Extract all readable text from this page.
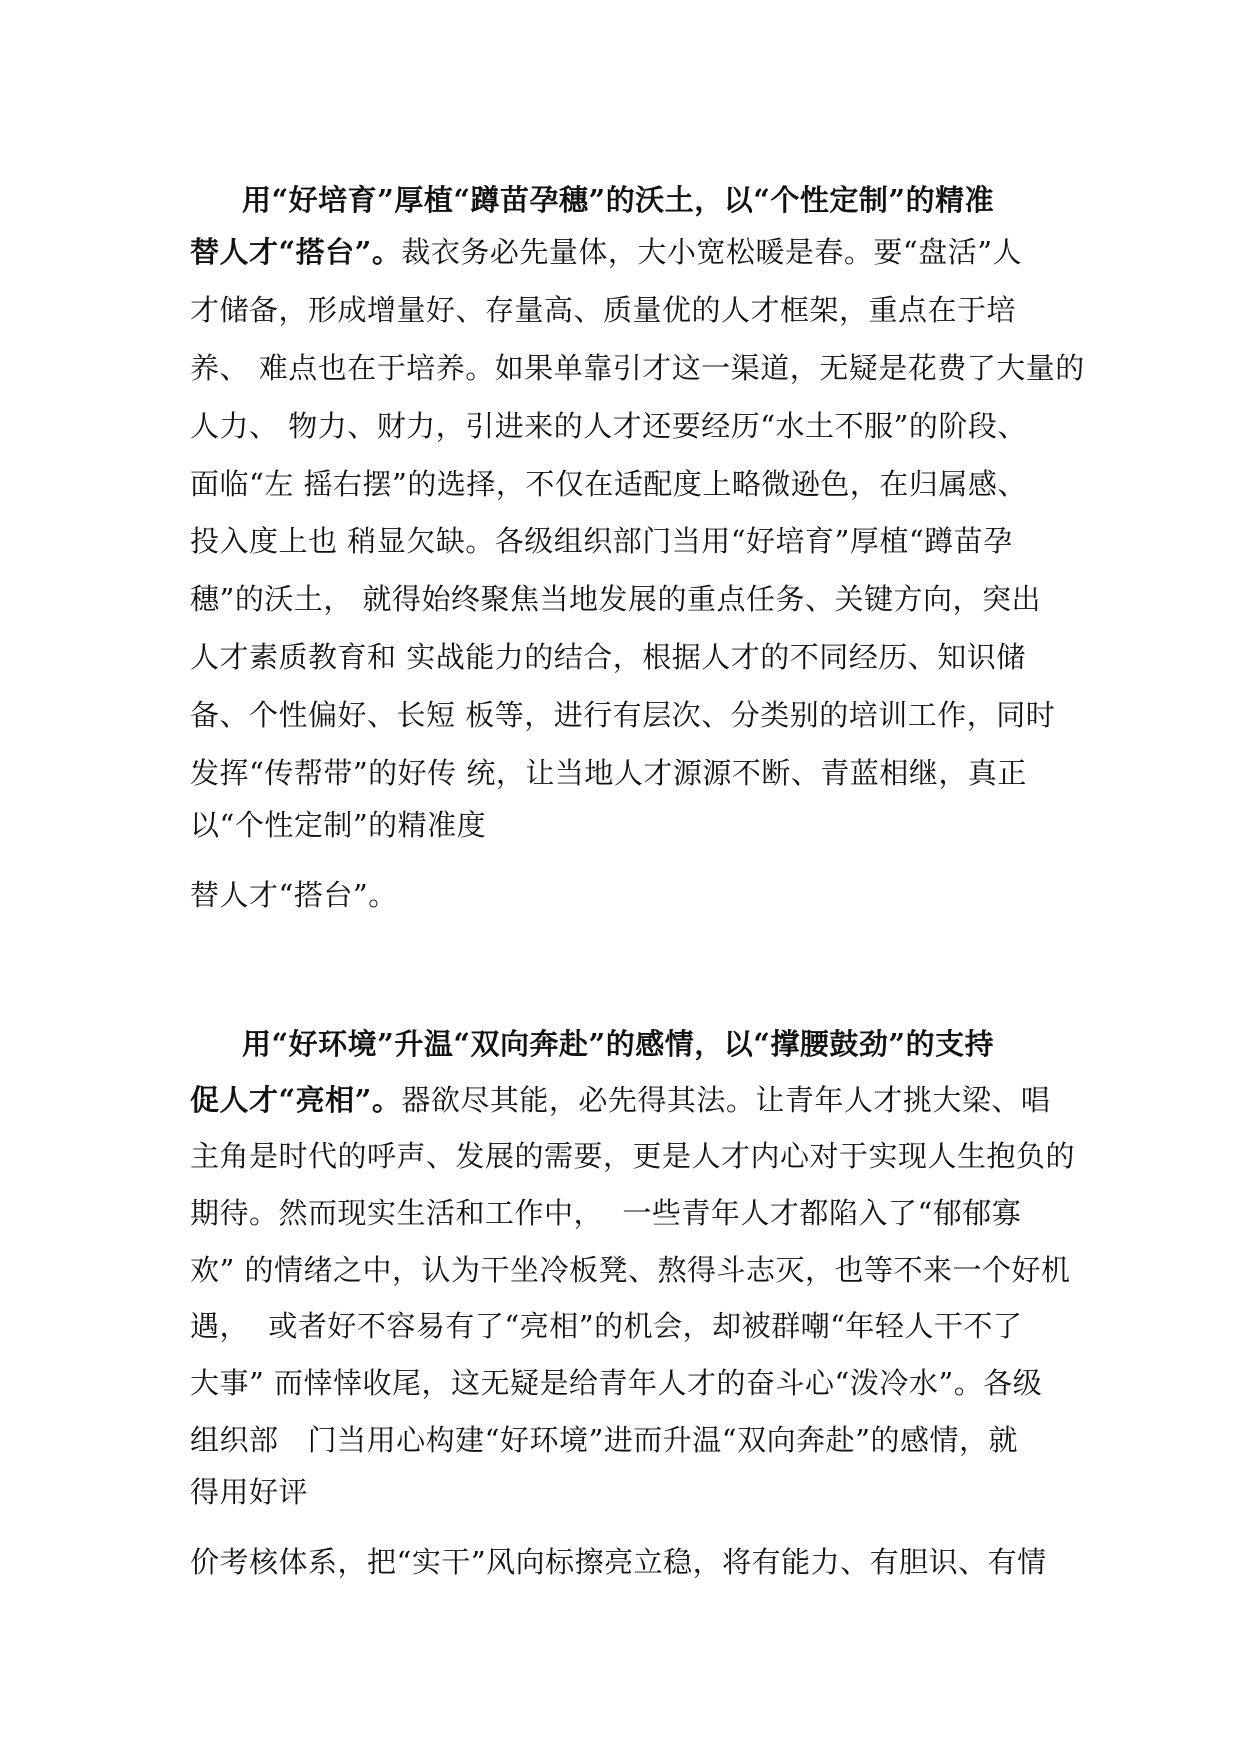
用“好培育”厚植“蹲苗孕穗”的沃土，以“个性定制”的精准
替人才“搭台”。裁衣务必先量体，大小宽松暖是春。要“盘活”人
才储备，形成增量好、存量高、质量优的人才框架，重点在于培
养、 难点也在于培养。如果单靠引才这一渠道，无疑是花费了大量的
人力、 物力、财力，引进来的人才还要经历“水土不服”的阶段、
面临“左 摇右摆”的选择，不仅在适配度上略微逊色，在归属感、
投入度上也 稍显欠缺。各级组织部门当用“好培育”厚植“蹲苗孕
穗”的沃土， 就得始终聚焦当地发展的重点任务、关键方向，突出
人才素质教育和 实战能力的结合，根据人才的不同经历、知识储
备、个性偏好、长短 板等，进行有层次、分类别的培训工作，同时
发挥“传帮带”的好传 统，让当地人才源源不断、青蓝相继，真正
以“个性定制”的精准度
替人才“搭台”。
用“好环境”升温“双向奔赴”的感情，以“撑腰鼓劲”的支持
促人才“亮相”。器欲尽其能，必先得其法。让青年人才挑大梁、唱
主角是时代的呼声、发展的需要，更是人才内心对于实现人生抱负的
期待。然而现实生活和工作中，  一些青年人才都陷入了“郁郁寡
欢” 的情绪之中，认为干坐冷板凳、熬得斗志灭，也等不来一个好机
遇，  或者好不容易有了“亮相”的机会，却被群嘲“年轻人干不了
大事” 而悻悻收尾，这无疑是给青年人才的奋斗心“泼冷水”。各级
组织部   门当用心构建“好环境”进而升温“双向奔赴”的感情，就
得用好评
价考核体系，把“实干”风向标擦亮立稳，将有能力、有胆识、有情
